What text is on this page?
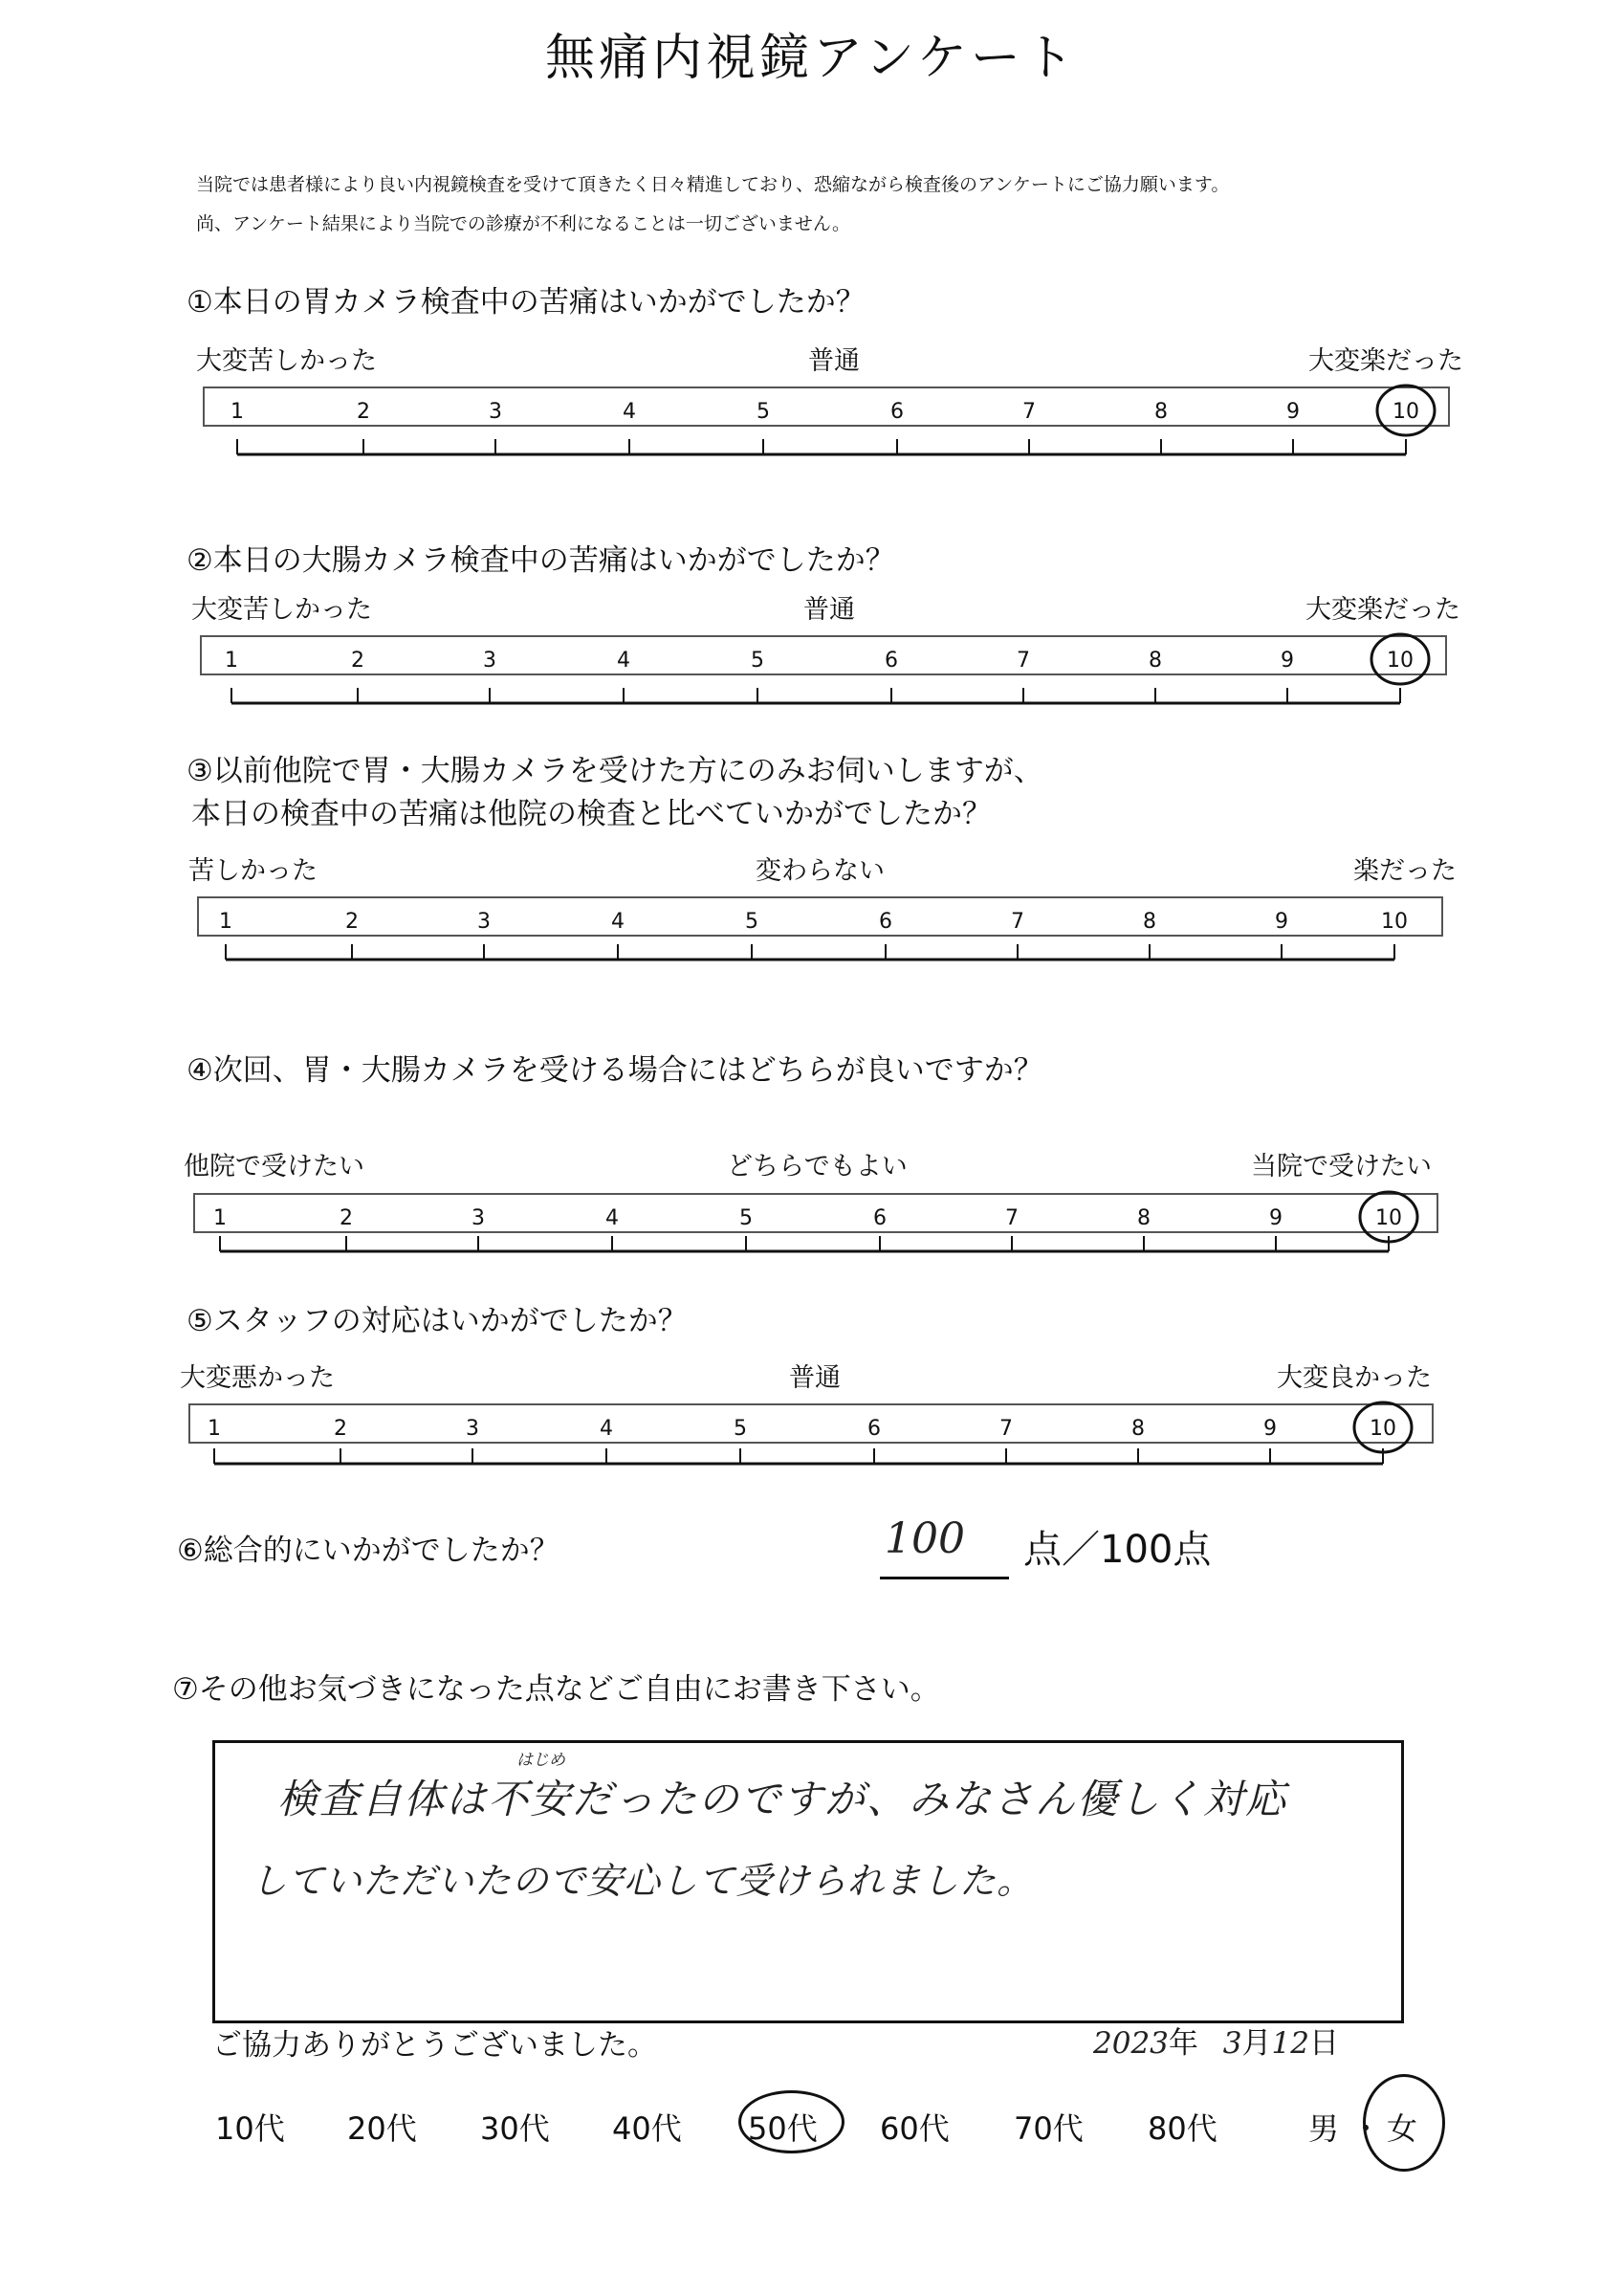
無痛内視鏡アンケート
当院では患者様により良い内視鏡検査を受けて頂きたく日々精進しており、恐縮ながら検査後のアンケートにご協力願います。
尚、アンケート結果により当院での診療が不利になることは一切ございません。
①本日の胃カメラ検査中の苦痛はいかがでしたか？
大変苦しかった	普通	大変楽だった
②本日の大腸カメラ検査中の苦痛はいかがでしたか？
大変苦しかった	普通	大変楽だった
③以前他院で胃・大腸カメラを受けた方にのみお伺いしますが、
本日の検査中の苦痛は他院の検査と比べていかがでしたか？
苦しかった	変わらない	楽だった
④次回、胃・大腸カメラを受ける場合にはどちらが良いですか？
他院で受けたい	どちらでもよい	当院で受けたい
⑤スタッフの対応はいかがでしたか？
大変悪かった	普通	大変良かった
1	2	3	4	5	6	7	8	9	10
1	2	3	4	5	6	7	8	9	10
1	2	3	4	5	6	7	8	9	10
1	2	3	4	5	6	7	8	9	10
1	2	3	4	5	6	7	8	9	10
⑥総合的にいかがでしたか？	100 点／100点
⑦その他お気づきになった点などご自由にお書き下さい。
はじめ
検査自体は不安だったのですが、みなさん優しく対応
していただいたので安心して受けられました。
ご協力ありがとうございました。	2023年 3月12日
10代 20代 30代 40代 50代 60代 70代 80代	男 ・ 女
